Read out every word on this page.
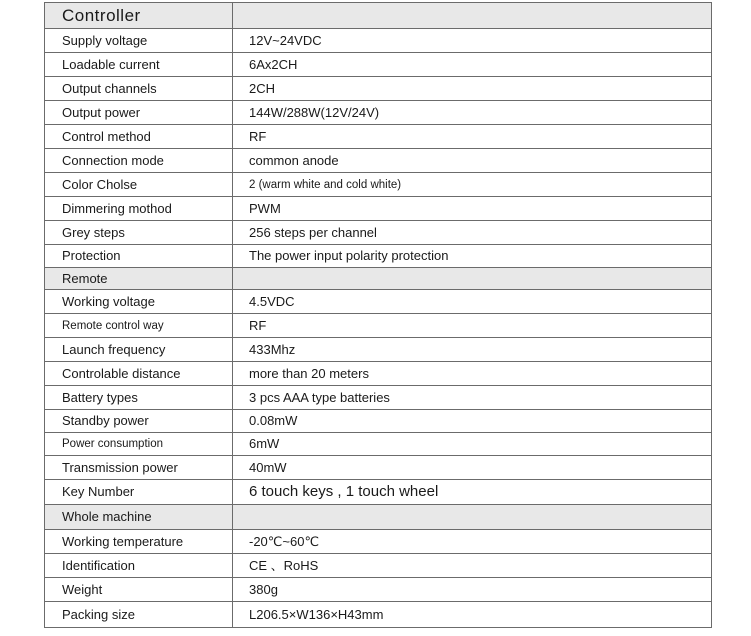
Controller	
Supply voltage	12V~24VDC
Loadable current	6Ax2CH
Output channels	2CH
Output power	144W/288W(12V/24V)
Control method	RF
Connection mode	common anode
Color Cholse	2 (warm white and cold white)
Dimmering mothod	PWM
Grey steps	256 steps per channel
Protection	The power input polarity protection
Remote	
Working voltage	4.5VDC
Remote control way	RF
Launch frequency	433Mhz
Controlable distance	more than 20 meters
Battery types	3 pcs AAA type batteries
Standby power	0.08mW
Power consumption	6mW
Transmission power	40mW
Key Number	6 touch keys , 1 touch wheel
Whole machine	
Working temperature	-20℃~60℃
Identification	CE 、RoHS
Weight	380g
Packing size	L206.5×W136×H43mm
